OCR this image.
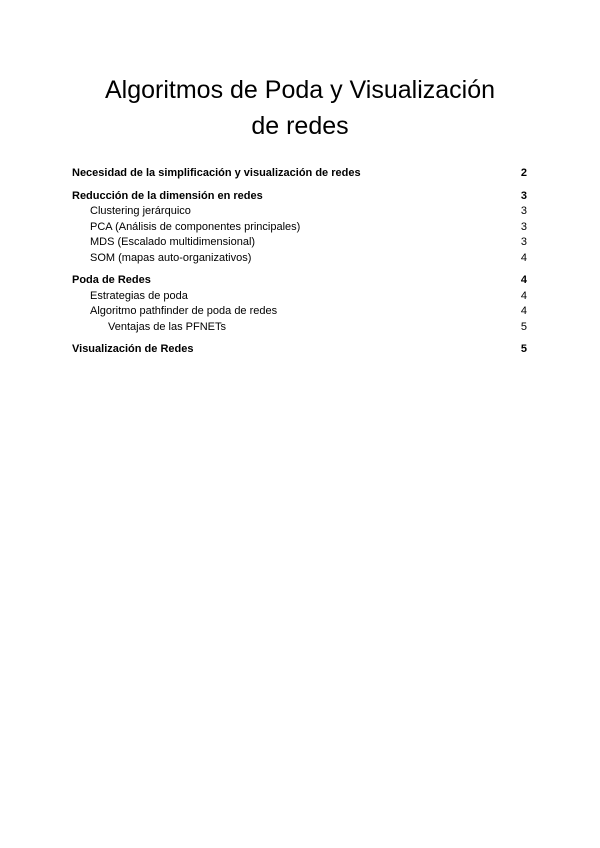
Algoritmos de Poda y Visualización
de redes
Necesidad de la simplificación y visualización de redes	2
Reducción de la dimensión en redes	3
Clustering jerárquico	3
PCA (Análisis de componentes principales)	3
MDS (Escalado multidimensional)	3
SOM (mapas auto-organizativos)	4
Poda de Redes	4
Estrategias de poda	4
Algoritmo pathfinder de poda de redes	4
Ventajas de las PFNETs	5
Visualización de Redes	5
